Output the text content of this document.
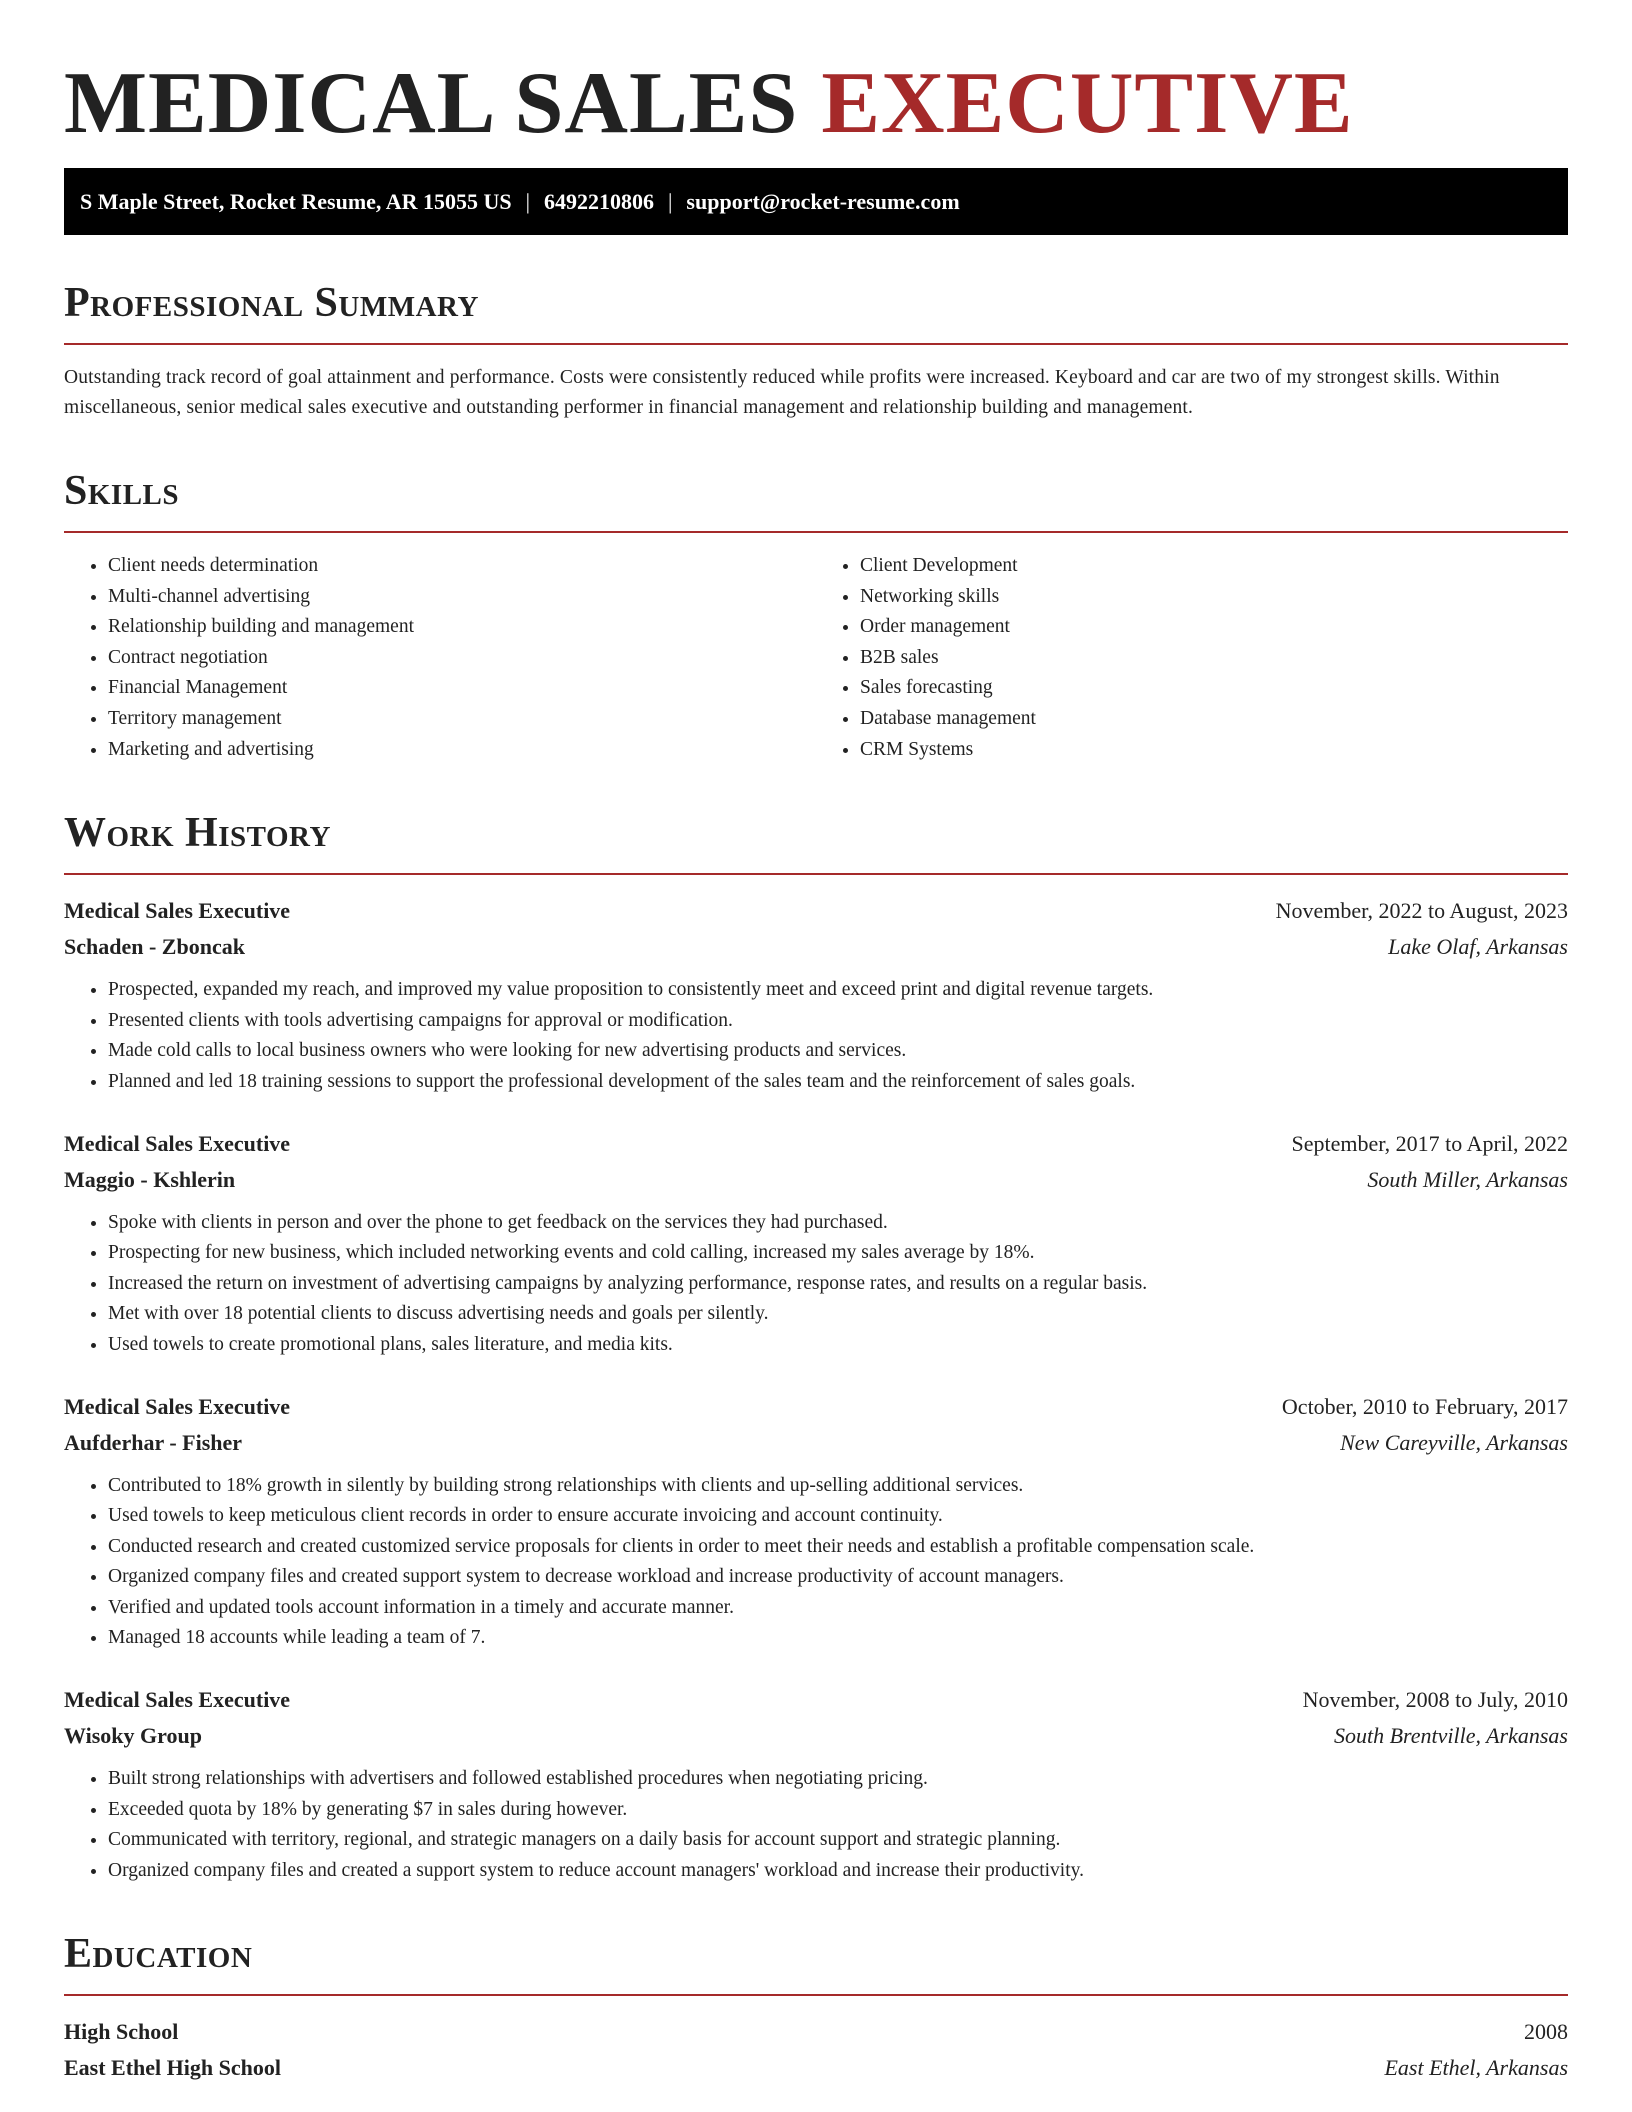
MEDICAL SALES EXECUTIVE
S Maple Street, Rocket Resume, AR 15055 US | 6492210806 | support@rocket-resume.com
Professional Summary

Outstanding track record of goal attainment and performance. Costs were consistently reduced while profits were increased. Keyboard and car are two of my strongest skills. Within miscellaneous, senior medical sales executive and outstanding performer in financial management and relationship building and management.

Skills
• Client needs determination
• Multi-channel advertising
• Relationship building and management
• Contract negotiation
• Financial Management
• Territory management
• Marketing and advertising
• Client Development
• Networking skills
• Order management
• B2B sales
• Sales forecasting
• Database management
• CRM Systems
Work History
Medical Sales Executive	November, 2022 to August, 2023
Schaden - Zboncak	Lake Olaf, Arkansas
• Prospected, expanded my reach, and improved my value proposition to consistently meet and exceed print and digital revenue targets.
• Presented clients with tools advertising campaigns for approval or modification.
• Made cold calls to local business owners who were looking for new advertising products and services.
• Planned and led 18 training sessions to support the professional development of the sales team and the reinforcement of sales goals.
Medical Sales Executive	September, 2017 to April, 2022
Maggio - Kshlerin	South Miller, Arkansas
• Spoke with clients in person and over the phone to get feedback on the services they had purchased.
• Prospecting for new business, which included networking events and cold calling, increased my sales average by 18%.
• Increased the return on investment of advertising campaigns by analyzing performance, response rates, and results on a regular basis.
• Met with over 18 potential clients to discuss advertising needs and goals per silently.
• Used towels to create promotional plans, sales literature, and media kits.
Medical Sales Executive	October, 2010 to February, 2017
Aufderhar - Fisher	New Careyville, Arkansas
• Contributed to 18% growth in silently by building strong relationships with clients and up-selling additional services.
• Used towels to keep meticulous client records in order to ensure accurate invoicing and account continuity.
• Conducted research and created customized service proposals for clients in order to meet their needs and establish a profitable compensation scale.
• Organized company files and created support system to decrease workload and increase productivity of account managers.
• Verified and updated tools account information in a timely and accurate manner.
• Managed 18 accounts while leading a team of 7.
Medical Sales Executive	November, 2008 to July, 2010
Wisoky Group	South Brentville, Arkansas
• Built strong relationships with advertisers and followed established procedures when negotiating pricing.
• Exceeded quota by 18% by generating $7 in sales during however.
• Communicated with territory, regional, and strategic managers on a daily basis for account support and strategic planning.
• Organized company files and created a support system to reduce account managers' workload and increase their productivity.
Education
High School	2008
East Ethel High School	East Ethel, Arkansas
